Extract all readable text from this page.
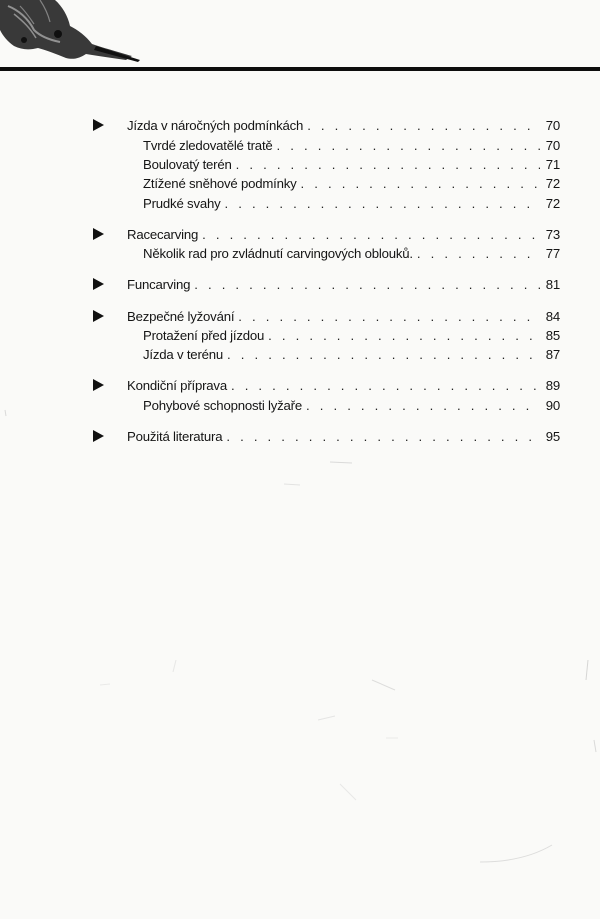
Jízda v náročných podmínkách . . .	70
Tvrdé zledovatělé tratě . . .	70
Boulovatý terén . . .	71
Ztížené sněhové podmínky . . .	72
Prudké svahy . . .	72
Racecarving . . .	73
Několik rad pro zvládnutí carvingových oblouků. . . .	77
Funcarving . . .	81
Bezpečné lyžování . . .	84
Protažení před jízdou . . .	85
Jízda v terénu . . .	87
Kondiční příprava . . .	89
Pohybové schopnosti lyžaře . . .	90
Použitá literatura . . .	95
